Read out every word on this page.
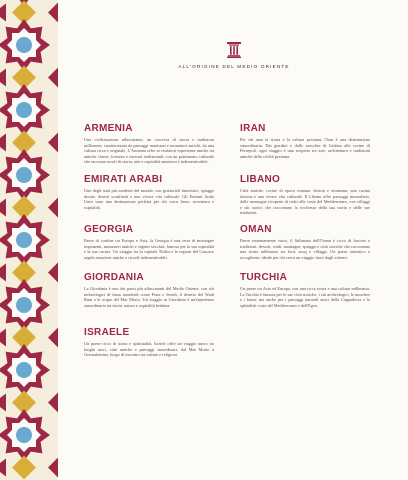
ALL'ORIGINE DEL MEDIO ORIENTE
ARMENIA

Una civilizzazione affascinante, un crocevia di storia e tradizioni millenarie, caratterizzata da paesaggi montuosi e monasteri antichi, da una cultura ricca e originale. L'Armenia offre ai visitatori esperienze uniche tra antiche chiese, fortezze e mercati tradizionali, con un patrimonio culturale che racconta secoli di storia, arte e ospitalità autentica e indimenticabile.

IRAN

Per chi ama la storia e la cultura persiana, l'Iran è una destinazione straordinaria. Dai giardini e dalle moschee di Isfahan alle rovine di Persepoli, ogni viaggio è una scoperta tra arte, architettura e tradizioni antiche della civiltà persiana.

EMIRATI ARABI

Uno degli stati più moderni del mondo, con grattacieli futuristici, spiagge dorate, deserti sconfinati e una vivace vita culturale. Gli Emirati Arabi Uniti sono una destinazione perfetta per chi cerca lusso, avventura e ospitalità.

LIBANO

Città antiche, rovine di epoca romana, fenicia e ottomana, una cucina famosa e una vivace vita culturale. Il Libano offre paesaggi mozzafiato, dalle montagne ricoperte di cedri alle coste del Mediterraneo, con villaggi e siti storici che raccontano la ricchezza della sua storia e delle sue tradizioni.

GEORGIA

Paese di confine tra Europa e Asia, la Georgia è una terra di montagne imponenti, monasteri antichi e vigneti secolari, famosa per la sua ospitalità e la sua cucina. Un viaggio tra la capitale Tbilisi e le regioni del Caucaso regala emozioni uniche e ricordi indimenticabili.

OMAN

Paese estremamente vario, il Sultanato dell'Oman è ricco di fascino e tradizioni: deserti, wadi, montagne, spiagge e città storiche che raccontano una storia millenaria tra forti, souq e villaggi. Un paese autentico e accogliente, ideale per chi cerca un viaggio fuori dagli schemi.

GIORDANIA

La Giordania è uno dei paesi più affascinanti del Medio Oriente, con siti archeologici di fama mondiale come Petra e Jerash, il deserto del Wadi Rum e le acque del Mar Morto. Un viaggio in Giordania è un'esperienza straordinaria tra storia, natura e ospitalità beduina.

TURCHIA

Un paese tra Asia ed Europa, con una ricca storia e una cultura millenaria. La Turchia è famosa per le sue città storiche, i siti archeologici, le moschee e i bazar, ma anche per i paesaggi naturali unici della Cappadocia e le splendide coste del Mediterraneo e dell'Egeo.

ISRAELE

Un paese ricco di storia e spiritualità, Israele offre un viaggio unico tra luoghi sacri, città antiche e paesaggi straordinari, dal Mar Morto a Gerusalemme, luogo di incontro tra culture e religioni.
